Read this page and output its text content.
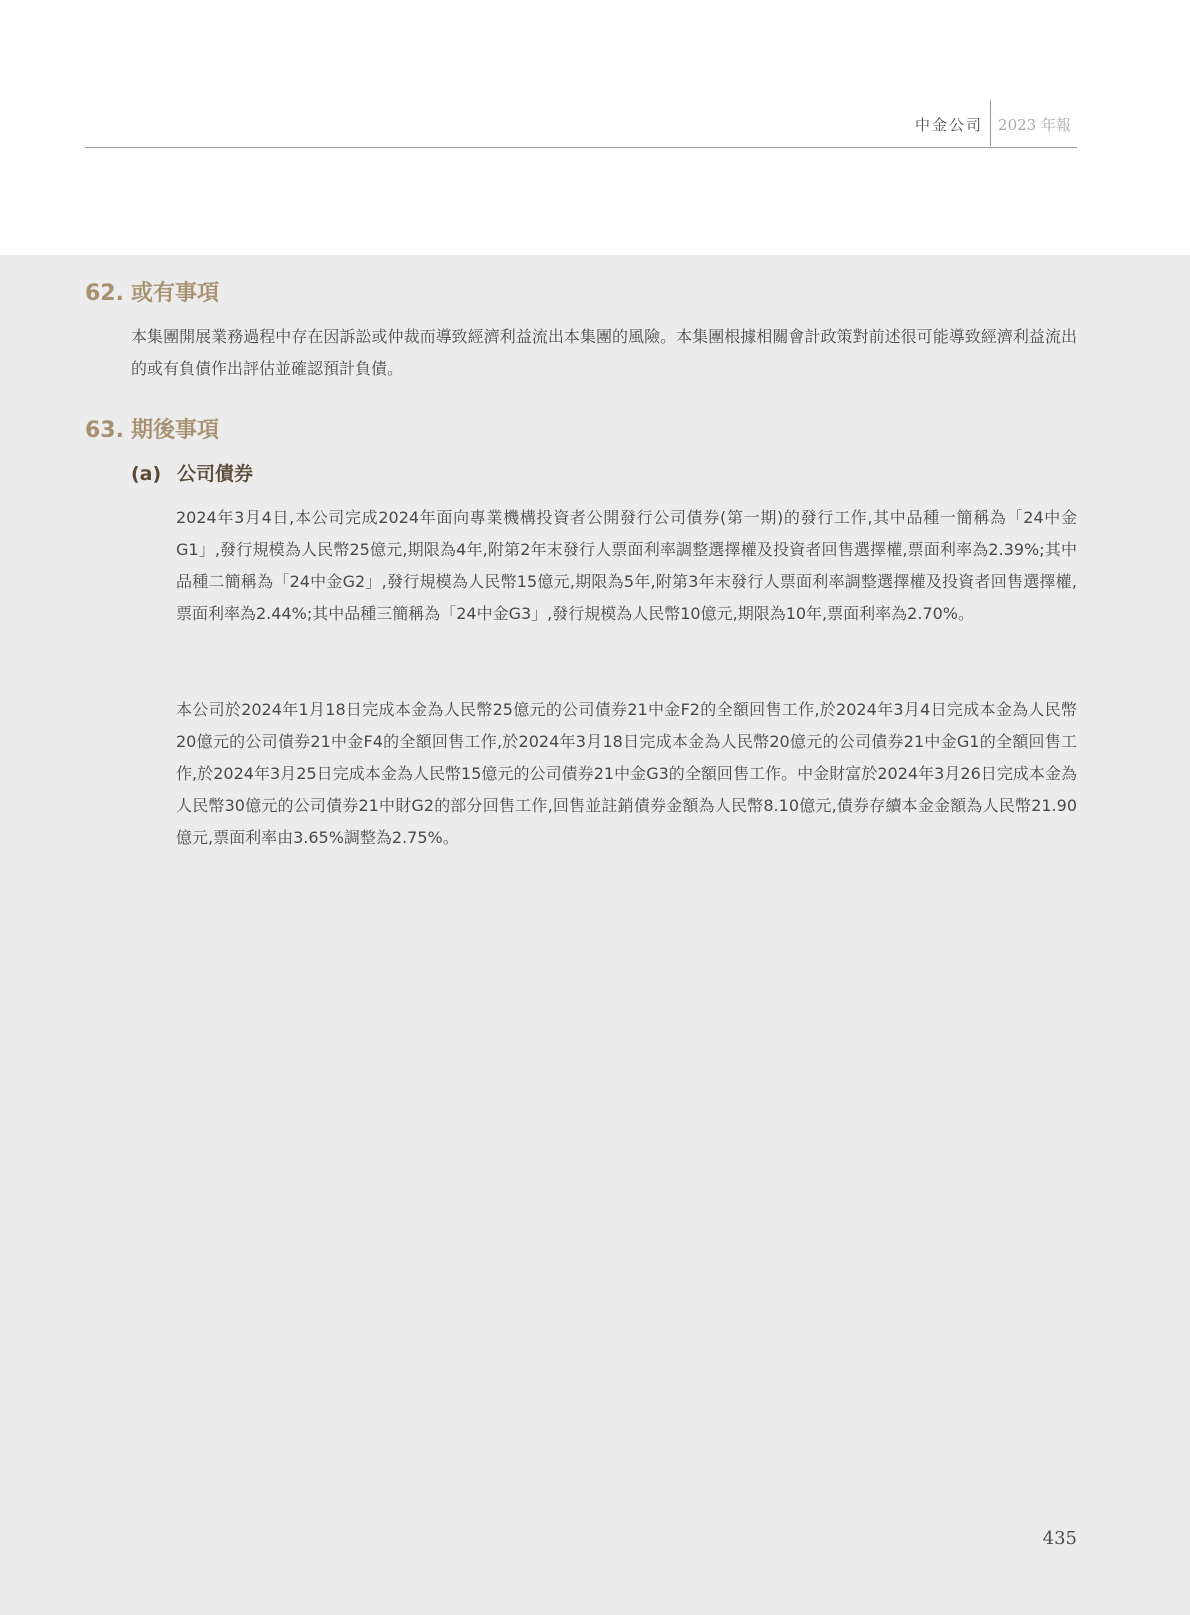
中金公司 2023 年報
62. 或有事項

本集團開展業務過程中存在因訴訟或仲裁而導致經濟利益流出本集團的風險。本集團根據相關會計政策對前述很可能導致經濟利益流出的或有負債作出評估並確認預計負債。

63. 期後事項
(a) 公司債券

2024年3月4日,本公司完成2024年面向專業機構投資者公開發行公司債券(第一期)的發行工作,其中品種一簡稱為「24中金G1」,發行規模為人民幣25億元,期限為4年,附第2年末發行人票面利率調整選擇權及投資者回售選擇權,票面利率為2.39%;其中品種二簡稱為「24中金G2」,發行規模為人民幣15億元,期限為5年,附第3年末發行人票面利率調整選擇權及投資者回售選擇權,票面利率為2.44%;其中品種三簡稱為「24中金G3」,發行規模為人民幣10億元,期限為10年,票面利率為2.70%。

本公司於2024年1月18日完成本金為人民幣25億元的公司債券21中金F2的全額回售工作,於2024年3月4日完成本金為人民幣20億元的公司債券21中金F4的全額回售工作,於2024年3月18日完成本金為人民幣20億元的公司債券21中金G1的全額回售工作,於2024年3月25日完成本金為人民幣15億元的公司債券21中金G3的全額回售工作。中金財富於2024年3月26日完成本金為人民幣30億元的公司債券21中財G2的部分回售工作,回售並註銷債券金額為人民幣8.10億元,債券存續本金金額為人民幣21.90億元,票面利率由3.65%調整為2.75%。

435
